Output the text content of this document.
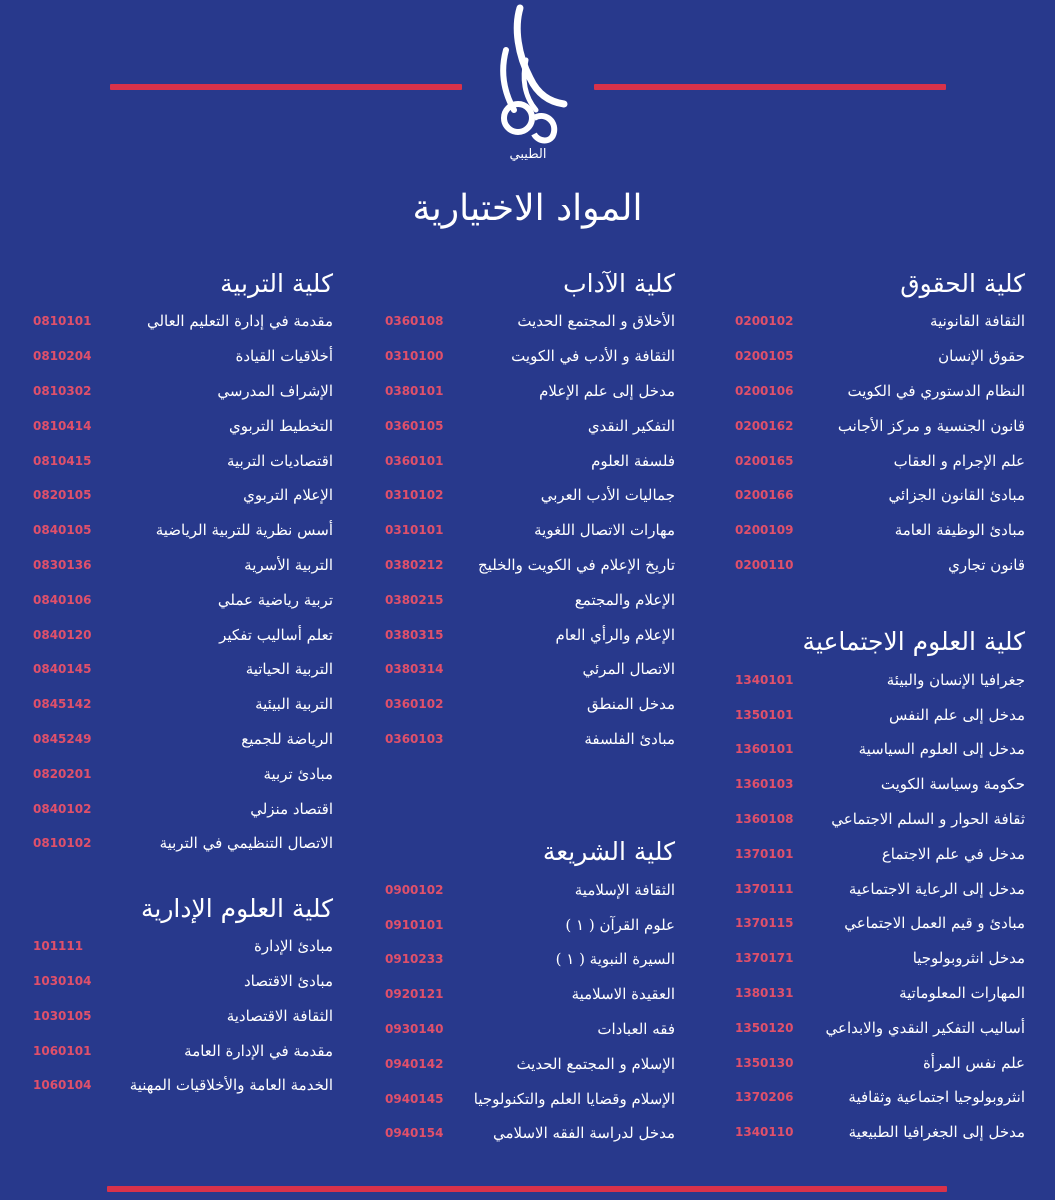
الطيبي
المواد الاختيارية
كلية الحقوق
الثقافة القانونية
0200102
حقوق الإنسان
0200105
النظام الدستوري في الكويت
0200106
قانون الجنسية و مركز الأجانب
0200162
علم الإجرام و العقاب
0200165
مبادئ القانون الجزائي
0200166
مبادئ الوظيفة العامة
0200109
قانون تجاري
0200110
كلية العلوم الاجتماعية
جغرافيا الإنسان والبيئة
1340101
مدخل إلى علم النفس
1350101
مدخل إلى العلوم السياسية
1360101
حكومة وسياسة الكويت
1360103
ثقافة الحوار و السلم الاجتماعي
1360108
مدخل في علم الاجتماع
1370101
مدخل إلى الرعاية الاجتماعية
1370111
مبادئ و قيم العمل الاجتماعي
1370115
مدخل انثروبولوجيا
1370171
المهارات المعلوماتية
1380131
أساليب التفكير النقدي والابداعي
1350120
علم نفس المرأة
1350130
انثروبولوجيا اجتماعية وثقافية
1370206
مدخل إلى الجغرافيا الطبيعية
1340110
كلية الآداب
الأخلاق و المجتمع الحديث
0360108
الثقافة و الأدب في الكويت
0310100
مدخل إلى علم الإعلام
0380101
التفكير النقدي
0360105
فلسفة العلوم
0360101
جماليات الأدب العربي
0310102
مهارات الاتصال اللغوية
0310101
تاريخ الإعلام في الكويت والخليج
0380212
الإعلام والمجتمع
0380215
الإعلام والرأي العام
0380315
الاتصال المرئي
0380314
مدخل المنطق
0360102
مبادئ الفلسفة
0360103
كلية الشريعة
الثقافة الإسلامية
0900102
علوم القرآن ( ١ )
0910101
السيرة النبوية ( ١ )
0910233
العقيدة الاسلامية
0920121
فقه العبادات
0930140
الإسلام و المجتمع الحديث
0940142
الإسلام وقضايا العلم والتكنولوجيا
0940145
مدخل لدراسة الفقه الاسلامي
0940154
كلية التربية
مقدمة في إدارة التعليم العالي
0810101
أخلاقيات القيادة
0810204
الإشراف المدرسي
0810302
التخطيط التربوي
0810414
اقتصاديات التربية
0810415
الإعلام التربوي
0820105
أسس نظرية للتربية الرياضية
0840105
التربية الأسرية
0830136
تربية رياضية عملي
0840106
تعلم أساليب تفكير
0840120
التربية الحياتية
0840145
التربية البيئية
0845142
الرياضة للجميع
0845249
مبادئ تربية
0820201
اقتصاد منزلي
0840102
الاتصال التنظيمي في التربية
0810102
كلية العلوم الإدارية
مبادئ الإدارة
101111
مبادئ الاقتصاد
1030104
الثقافة الاقتصادية
1030105
مقدمة في الإدارة العامة
1060101
الخدمة العامة والأخلاقيات المهنية
1060104
